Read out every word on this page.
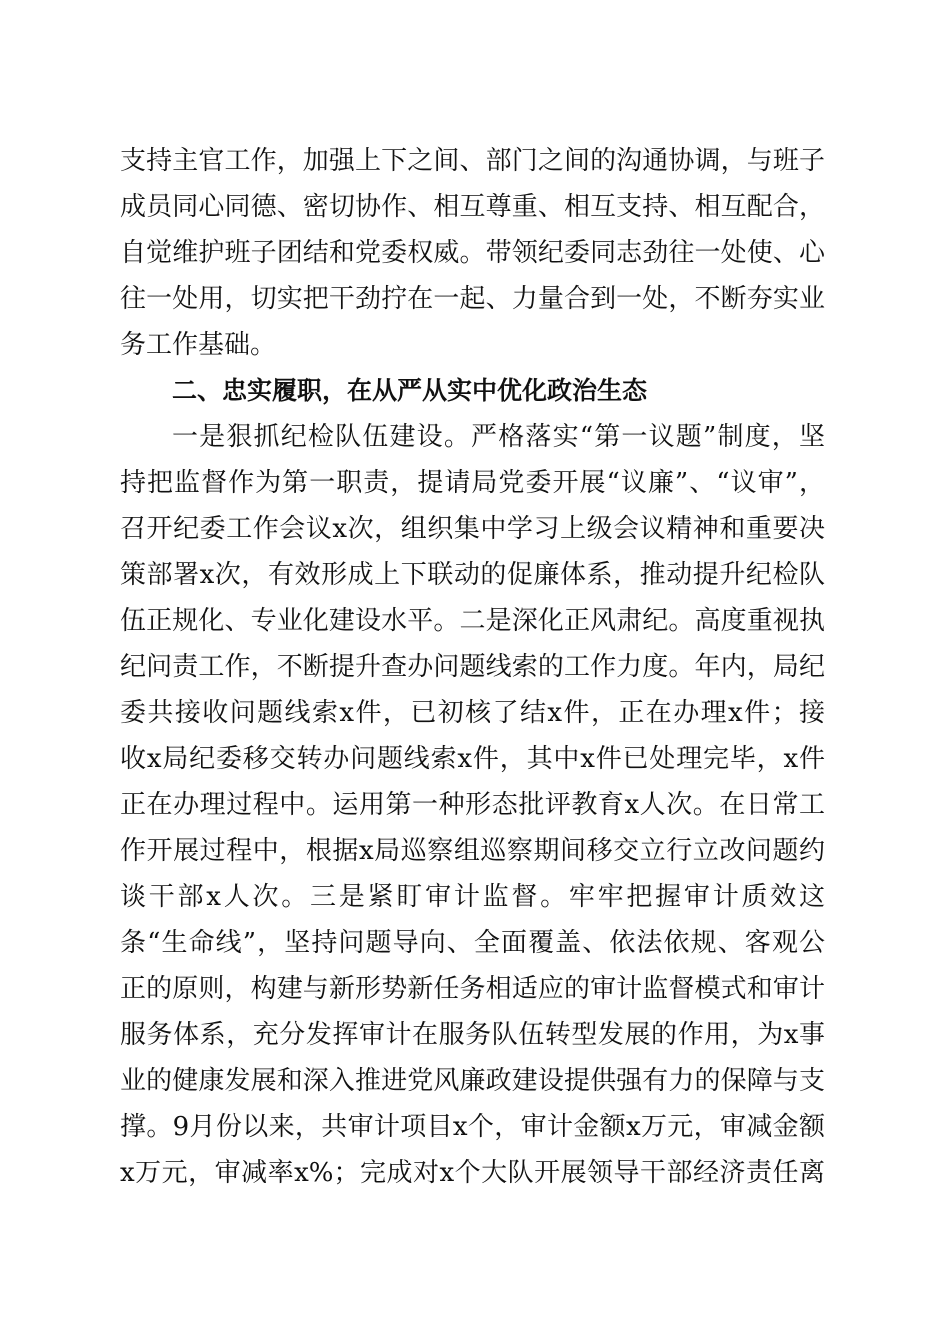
支持主官工作，加强上下之间、部门之间的沟通协调，与班子
成员同心同德、密切协作、相互尊重、相互支持、相互配合，
自觉维护班子团结和党委权威。带领纪委同志劲往一处使、心
往一处用，切实把干劲拧在一起、力量合到一处，不断夯实业
务工作基础。
二、忠实履职，在从严从实中优化政治生态
一是狠抓纪检队伍建设。严格落实“第一议题”制度，坚
持把监督作为第一职责，提请局党委开展“议廉”、“议审”，
召开纪委工作会议x次，组织集中学习上级会议精神和重要决
策部署x次，有效形成上下联动的促廉体系，推动提升纪检队
伍正规化、专业化建设水平。二是深化正风肃纪。高度重视执
纪问责工作，不断提升查办问题线索的工作力度。年内，局纪
委共接收问题线索x件，已初核了结x件，正在办理x件；接
收x局纪委移交转办问题线索x件，其中x件已处理完毕，x件
正在办理过程中。运用第一种形态批评教育x人次。在日常工
作开展过程中，根据x局巡察组巡察期间移交立行立改问题约
谈干部x人次。三是紧盯审计监督。牢牢把握审计质效这
条“生命线”，坚持问题导向、全面覆盖、依法依规、客观公
正的原则，构建与新形势新任务相适应的审计监督模式和审计
服务体系，充分发挥审计在服务队伍转型发展的作用，为x事
业的健康发展和深入推进党风廉政建设提供强有力的保障与支
撑。9月份以来，共审计项目x个，审计金额x万元，审减金额
x万元，审减率x%；完成对x个大队开展领导干部经济责任离
